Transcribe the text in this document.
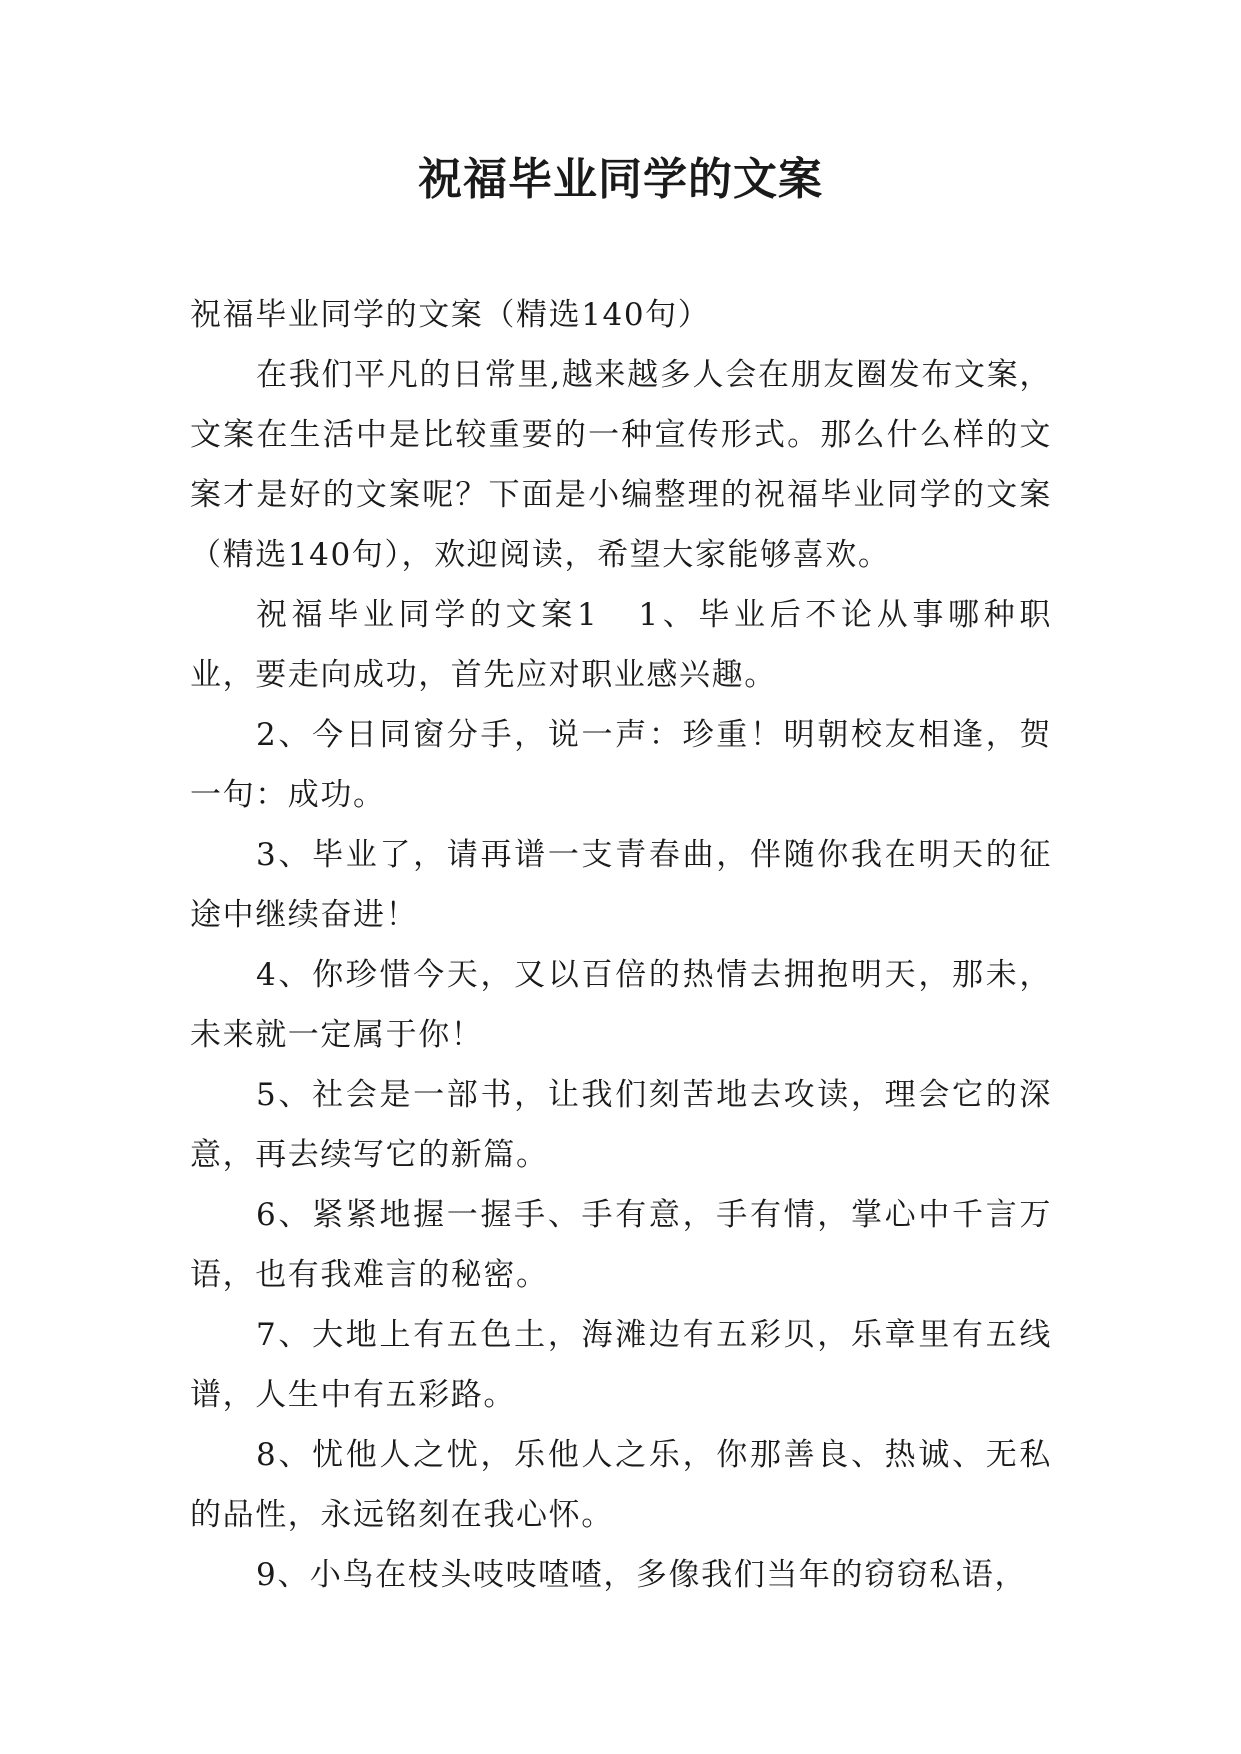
祝福毕业同学的文案

祝福毕业同学的文案（精选140句）

在我们平凡的日常里,越来越多人会在朋友圈发布文案，文案在生活中是比较重要的一种宣传形式。那么什么样的文案才是好的文案呢？下面是小编整理的祝福毕业同学的文案（精选140句），欢迎阅读，希望大家能够喜欢。

祝福毕业同学的文案1 1、毕业后不论从事哪种职业，要走向成功，首先应对职业感兴趣。

2、今日同窗分手，说一声：珍重！明朝校友相逢，贺一句：成功。

3、毕业了，请再谱一支青春曲，伴随你我在明天的征途中继续奋进！

4、你珍惜今天，又以百倍的热情去拥抱明天，那未，未来就一定属于你！

5、社会是一部书，让我们刻苦地去攻读，理会它的深意，再去续写它的新篇。

6、紧紧地握一握手、手有意，手有情，掌心中千言万语，也有我难言的秘密。

7、大地上有五色土，海滩边有五彩贝，乐章里有五线谱，人生中有五彩路。

8、忧他人之忧，乐他人之乐，你那善良、热诚、无私的品性，永远铭刻在我心怀。

9、小鸟在枝头吱吱喳喳，多像我们当年的窃窃私语，
